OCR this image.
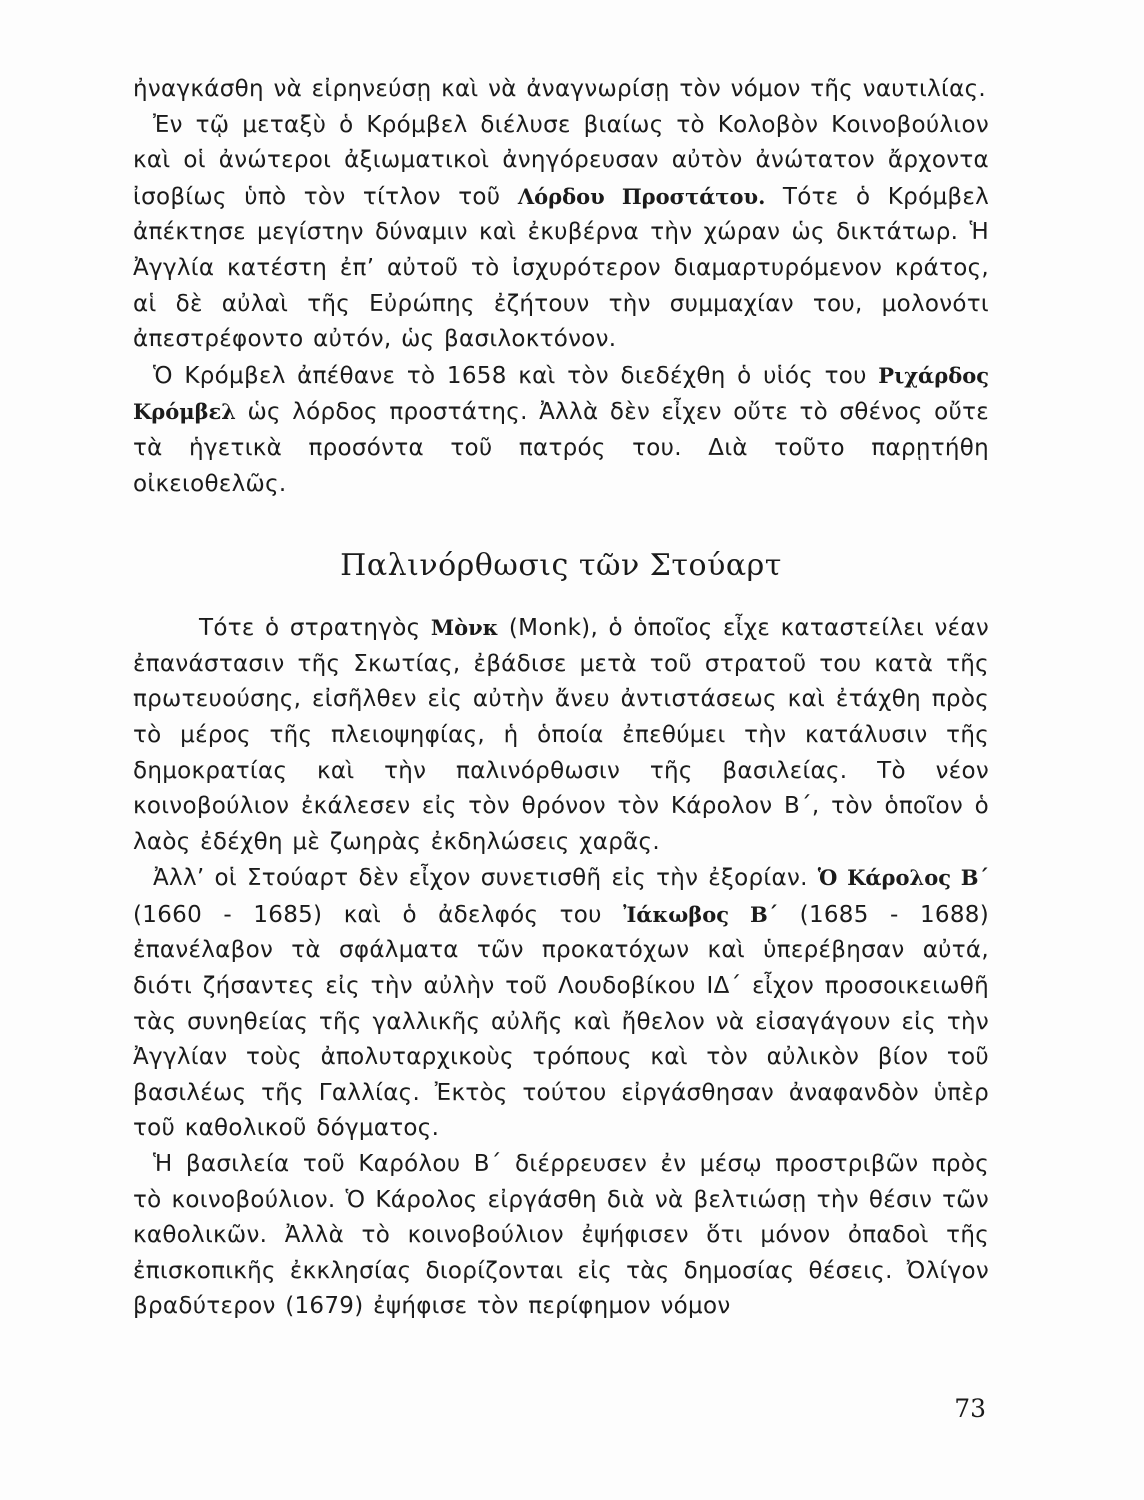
ἠναγκάσθη νὰ εἰρηνεύσῃ καὶ νὰ ἀναγνωρίσῃ τὸν νόμον τῆς ναυτιλίας.

Ἐν τῷ μεταξὺ ὁ Κρόμβελ διέλυσε βιαίως τὸ Κολοβὸν Κοινοβούλιον καὶ οἱ ἀνώτεροι ἀξιωματικοὶ ἀνηγόρευσαν αὐτὸν ἀνώτατον ἄρχοντα ἰσοβίως ὑπὸ τὸν τίτλον τοῦ Λόρδου Προστάτου. Τότε ὁ Κρόμβελ ἀπέκτησε μεγίστην δύναμιν καὶ ἐκυβέρνα τὴν χώραν ὡς δικτάτωρ. Ἡ Ἀγγλία κατέστη ἐπ’ αὐτοῦ τὸ ἰσχυρότερον διαμαρτυρόμενον κράτος, αἱ δὲ αὐλαὶ τῆς Εὐρώπης ἐζήτουν τὴν συμμαχίαν του, μολονότι ἀπεστρέφοντο αὐτόν, ὡς βασιλοκτόνον.

Ὁ Κρόμβελ ἀπέθανε τὸ 1658 καὶ τὸν διεδέχθη ὁ υἱός του Ριχάρδος Κρόμβελ ὡς λόρδος προστάτης. Ἀλλὰ δὲν εἶχεν οὔτε τὸ σθένος οὔτε τὰ ἡγετικὰ προσόντα τοῦ πατρός του. Διὰ τοῦτο παρῃτήθη οἰκειοθελῶς.

Παλινόρθωσις τῶν Στούαρτ

Τότε ὁ στρατηγὸς Μὸνκ (Monk), ὁ ὁποῖος εἶχε καταστείλει νέαν ἐπανάστασιν τῆς Σκωτίας, ἐβάδισε μετὰ τοῦ στρατοῦ του κατὰ τῆς πρωτευούσης, εἰσῆλθεν εἰς αὐτὴν ἄνευ ἀντιστάσεως καὶ ἐτάχθη πρὸς τὸ μέρος τῆς πλειοψηφίας, ἡ ὁποία ἐπεθύμει τὴν κατάλυσιν τῆς δημοκρατίας καὶ τὴν παλινόρθωσιν τῆς βασιλείας. Τὸ νέον κοινοβούλιον ἐκάλεσεν εἰς τὸν θρόνον τὸν Κάρολον Β΄, τὸν ὁποῖον ὁ λαὸς ἐδέχθη μὲ ζωηρὰς ἐκδηλώσεις χαρᾶς.

Ἀλλ’ οἱ Στούαρτ δὲν εἶχον συνετισθῆ εἰς τὴν ἐξορίαν. Ὁ Κάρολος Β΄ (1660 - 1685) καὶ ὁ ἀδελφός του Ἰάκωβος Β΄ (1685 - 1688) ἐπανέλαβον τὰ σφάλματα τῶν προκατόχων καὶ ὑπερέβησαν αὐτά, διότι ζήσαντες εἰς τὴν αὐλὴν τοῦ Λουδοβίκου ΙΔ΄ εἶχον προσοικειωθῆ τὰς συνηθείας τῆς γαλλικῆς αὐλῆς καὶ ἤθελον νὰ εἰσαγάγουν εἰς τὴν Ἀγγλίαν τοὺς ἀπολυταρχικοὺς τρόπους καὶ τὸν αὐλικὸν βίον τοῦ βασιλέως τῆς Γαλλίας. Ἐκτὸς τούτου εἰργάσθησαν ἀναφανδὸν ὑπὲρ τοῦ καθολικοῦ δόγματος.

Ἡ βασιλεία τοῦ Καρόλου Β΄ διέρρευσεν ἐν μέσῳ προστριβῶν πρὸς τὸ κοινοβούλιον. Ὁ Κάρολος εἰργάσθη διὰ νὰ βελτιώσῃ τὴν θέσιν τῶν καθολικῶν. Ἀλλὰ τὸ κοινοβούλιον ἐψήφισεν ὅτι μόνον ὀπαδοὶ τῆς ἐπισκοπικῆς ἐκκλησίας διορίζονται εἰς τὰς δημοσίας θέσεις. Ὀλίγον βραδύτερον (1679) ἐψήφισε τὸν περίφημον νόμον

73
